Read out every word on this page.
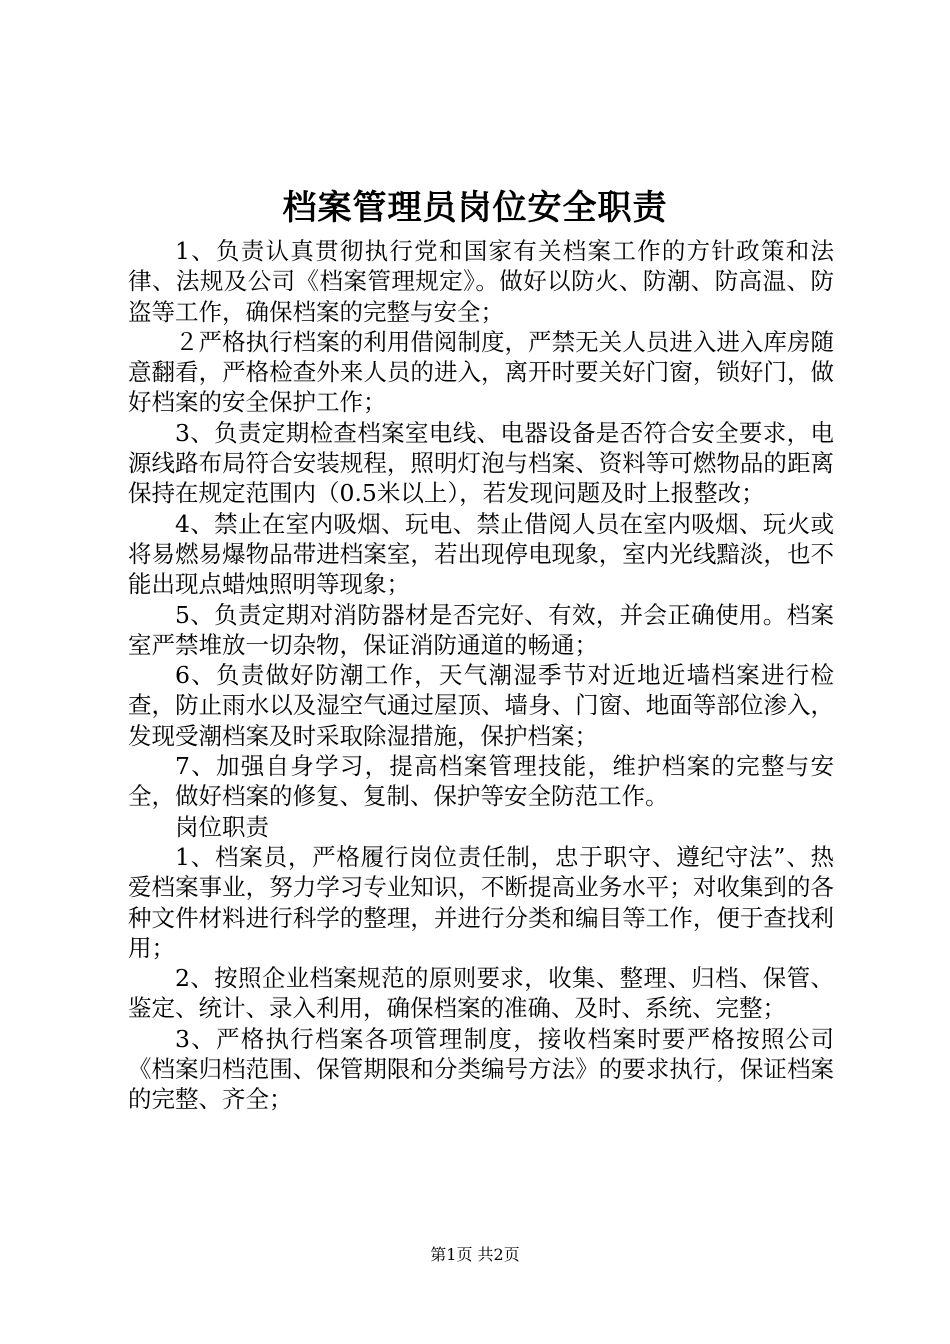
档案管理员岗位安全职责

1、负责认真贯彻执行党和国家有关档案工作的方针政策和法律、法规及公司《档案管理规定》。做好以防火、防潮、防高温、防盗等工作，确保档案的完整与安全；

２严格执行档案的利用借阅制度，严禁无关人员进入进入库房随意翻看，严格检查外来人员的进入，离开时要关好门窗，锁好门，做好档案的安全保护工作；

3、负责定期检查档案室电线、电器设备是否符合安全要求，电源线路布局符合安装规程，照明灯泡与档案、资料等可燃物品的距离保持在规定范围内（0.5米以上），若发现问题及时上报整改；

4、禁止在室内吸烟、玩电、禁止借阅人员在室内吸烟、玩火或将易燃易爆物品带进档案室，若出现停电现象，室内光线黯淡，也不能出现点蜡烛照明等现象；

5、负责定期对消防器材是否完好、有效，并会正确使用。档案室严禁堆放一切杂物，保证消防通道的畅通；

6、负责做好防潮工作，天气潮湿季节对近地近墙档案进行检查，防止雨水以及湿空气通过屋顶、墙身、门窗、地面等部位渗入，发现受潮档案及时采取除湿措施，保护档案；

7、加强自身学习，提高档案管理技能，维护档案的完整与安全，做好档案的修复、复制、保护等安全防范工作。

岗位职责

1、档案员，严格履行岗位责任制，忠于职守、遵纪守法”、热爱档案事业，努力学习专业知识，不断提高业务水平；对收集到的各种文件材料进行科学的整理，并进行分类和编目等工作，便于查找利用；

2、按照企业档案规范的原则要求，收集、整理、归档、保管、鉴定、统计、录入利用，确保档案的准确、及时、系统、完整；

3、严格执行档案各项管理制度，接收档案时要严格按照公司《档案归档范围、保管期限和分类编号方法》的要求执行，保证档案的完整、齐全；

第1页 共2页
